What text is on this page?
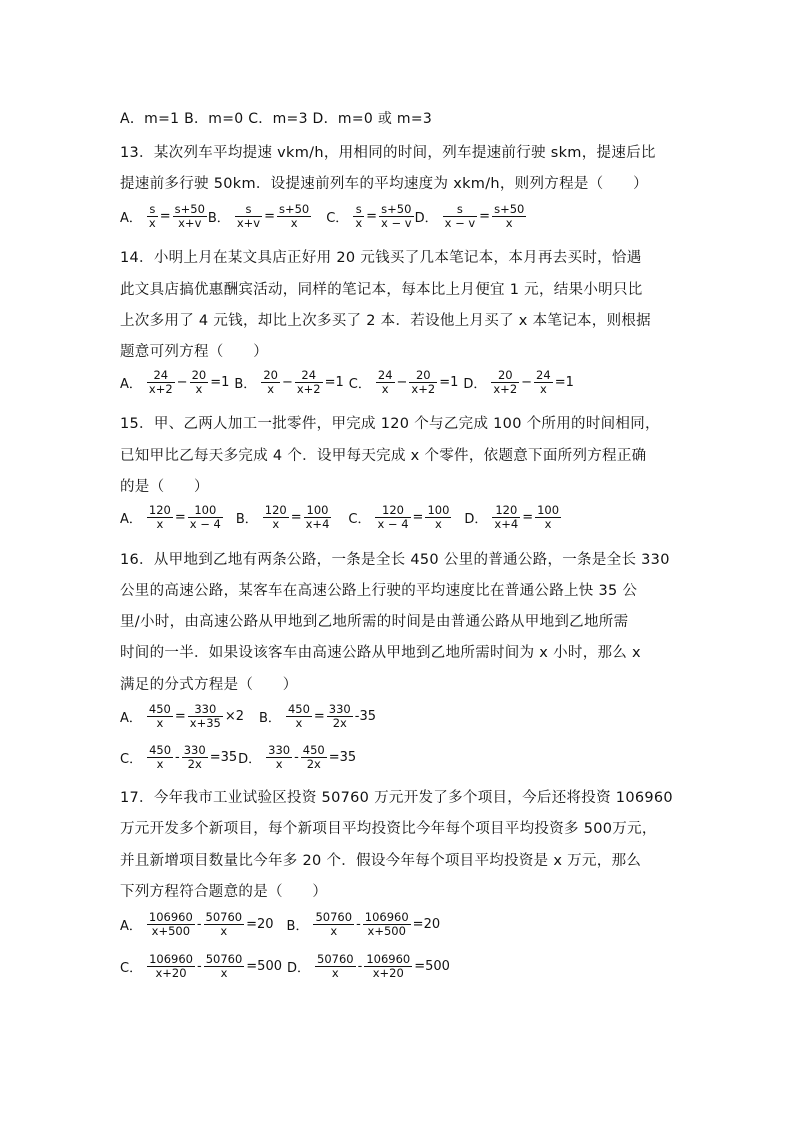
A．m=1 B．m=0 C．m=3 D．m=0 或 m=3
13．某次列车平均提速 vkm/h，用相同的时间，列车提速前行驶 skm，提速后比
提速前多行驶 50km．设提速前列车的平均速度为 xkm/h，则列方程是（　　）
A． $\frac{s}{x} = \frac{s+50}{x+v}$ B． $\frac{s}{x+v} = \frac{s+50}{x}$ C． $\frac{s}{x} = \frac{s+50}{x - v}$ D． $\frac{s}{x - v} = \frac{s+50}{x}$
14．小明上月在某文具店正好用 20 元钱买了几本笔记本，本月再去买时，恰遇
此文具店搞优惠酬宾活动，同样的笔记本，每本比上月便宜 1 元，结果小明只比
上次多用了 4 元钱，却比上次多买了 2 本．若设他上月买了 x 本笔记本，则根据
题意可列方程（　　）
A． $\frac{24}{x+2} - \frac{20}{x} =1$ B． $\frac{20}{x} - \frac{24}{x+2} =1$ C． $\frac{24}{x} - \frac{20}{x+2} =1$ D． $\frac{20}{x+2} - \frac{24}{x} =1$
15．甲、乙两人加工一批零件，甲完成 120 个与乙完成 100 个所用的时间相同，
已知甲比乙每天多完成 4 个．设甲每天完成 x 个零件，依题意下面所列方程正确
的是（　　）
A． $\frac{120}{x} = \frac{100}{x - 4}$ B． $\frac{120}{x} = \frac{100}{x+4}$ C． $\frac{120}{x - 4} = \frac{100}{x}$ D． $\frac{120}{x+4} = \frac{100}{x}$
16．从甲地到乙地有两条公路，一条是全长 450 公里的普通公路，一条是全长 330
公里的高速公路，某客车在高速公路上行驶的平均速度比在普通公路上快 35 公
里/小时，由高速公路从甲地到乙地所需的时间是由普通公路从甲地到乙地所需
时间的一半．如果设该客车由高速公路从甲地到乙地所需时间为 x 小时，那么 x
满足的分式方程是（　　）
A． $\frac{450}{x} = \frac{330}{x+35} \times 2$ B． $\frac{450}{x} = \frac{330}{2x} -35$
C． $\frac{450}{x} - \frac{330}{2x} =35$ D． $\frac{330}{x} - \frac{450}{2x} =35$
17．今年我市工业试验区投资 50760 万元开发了多个项目，今后还将投资 106960
万元开发多个新项目，每个新项目平均投资比今年每个项目平均投资多 500万元，
并且新增项目数量比今年多 20 个．假设今年每个项目平均投资是 x 万元，那么
下列方程符合题意的是（　　）
A． $\frac{106960}{x+500} - \frac{50760}{x} =20$ B． $\frac{50760}{x} - \frac{106960}{x+500} =20$
C． $\frac{106960}{x+20} - \frac{50760}{x} =500$ D． $\frac{50760}{x} - \frac{106960}{x+20} =500$
